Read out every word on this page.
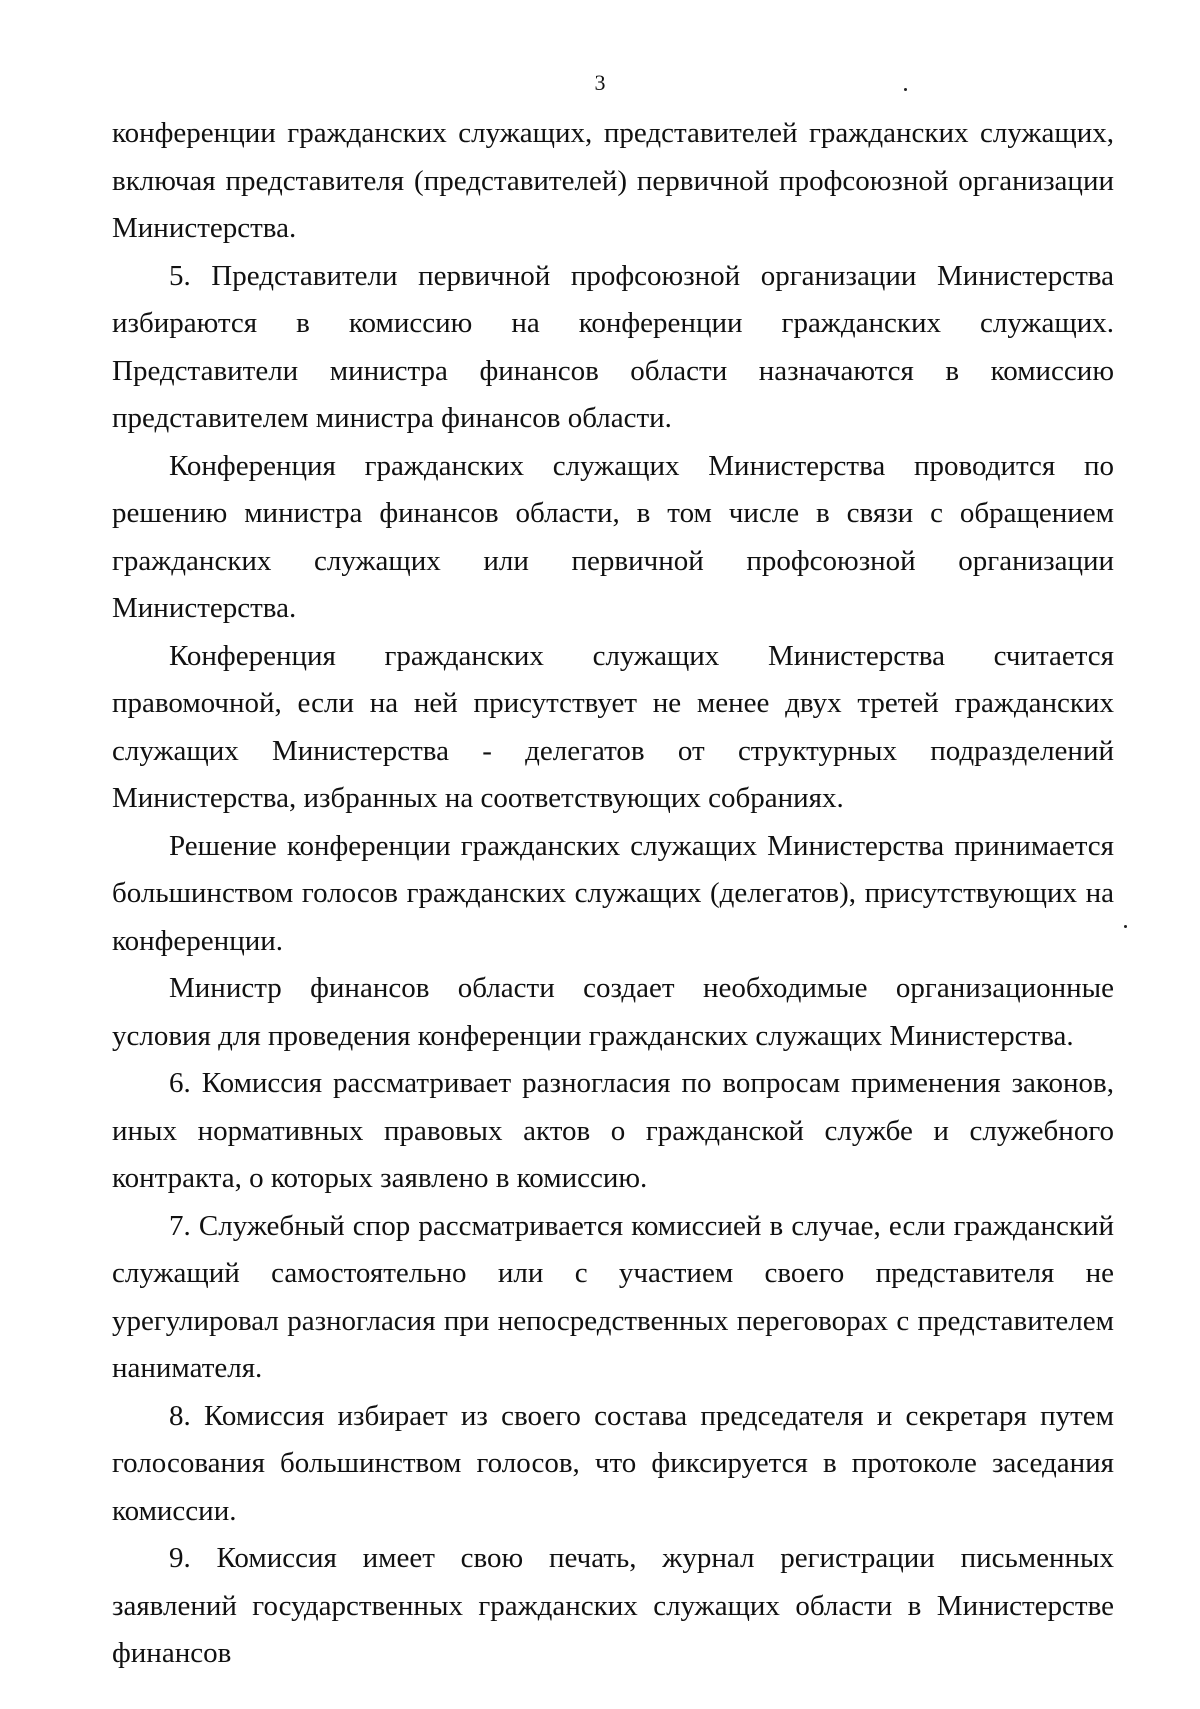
3

конференции гражданских служащих, представителей гражданских служащих, включая представителя (представителей) первичной профсоюзной организации Министерства.

5. Представители первичной профсоюзной организации Министерства избираются в комиссию на конференции гражданских служащих. Представители министра финансов области назначаются в комиссию представителем министра финансов области.

Конференция гражданских служащих Министерства проводится по решению министра финансов области, в том числе в связи с обращением гражданских служащих или первичной профсоюзной организации Министерства.

Конференция гражданских служащих Министерства считается правомочной, если на ней присутствует не менее двух третей гражданских служащих Министерства - делегатов от структурных подразделений Министерства, избранных на соответствующих собраниях.

Решение конференции гражданских служащих Министерства принимается большинством голосов гражданских служащих (делегатов), присутствующих на конференции.

Министр финансов области создает необходимые организационные условия для проведения конференции гражданских служащих Министерства.

6. Комиссия рассматривает разногласия по вопросам применения законов, иных нормативных правовых актов о гражданской службе и служебного контракта, о которых заявлено в комиссию.

7. Служебный спор рассматривается комиссией в случае, если гражданский служащий самостоятельно или с участием своего представителя не урегулировал разногласия при непосредственных переговорах с представителем нанимателя.

8. Комиссия избирает из своего состава председателя и секретаря путем голосования большинством голосов, что фиксируется в протоколе заседания комиссии.

9. Комиссия имеет свою печать, журнал регистрации письменных заявлений государственных гражданских служащих области в Министерстве финансов
